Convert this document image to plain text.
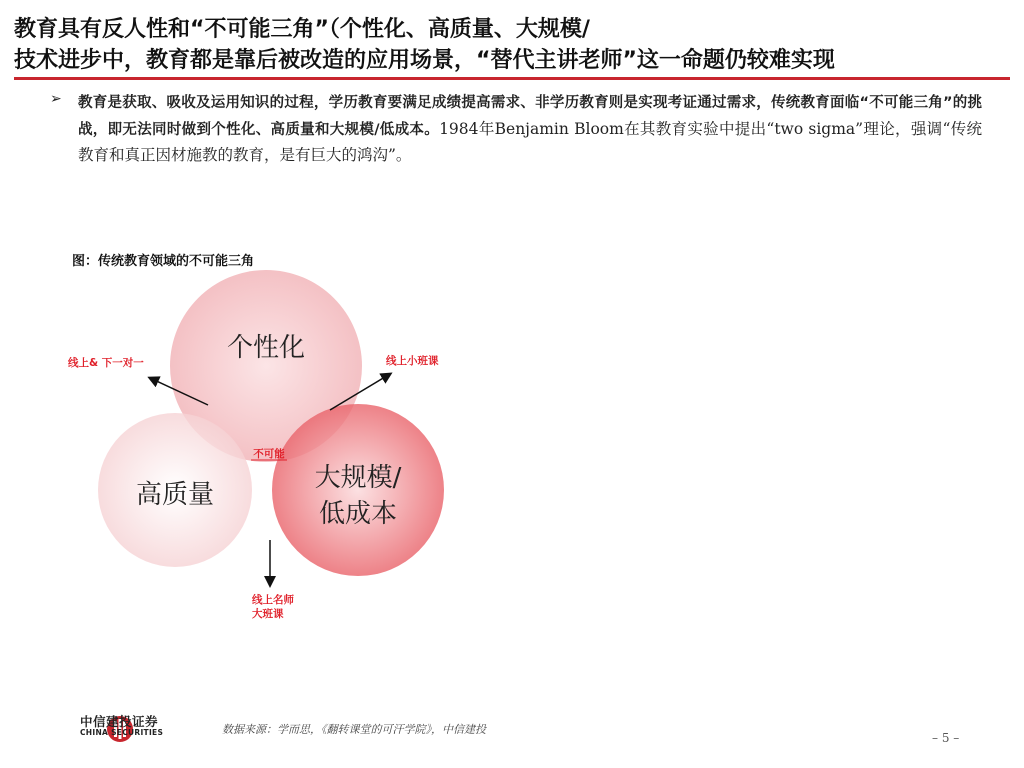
教育具有反人性和“不可能三角”（个性化、高质量、大规模/
技术进步中，教育都是靠后被改造的应用场景，“替代主讲老师”这一命题仍较难实现
➢ 教育是获取、吸收及运用知识的过程，学历教育要满足成绩提高需求、非学历教育则是实现考证通过需求，传统教育面临“不可能三角”的挑战，即无法同时做到个性化、高质量和大规模/低成本。1984年Benjamin Bloom在其教育实验中提出“two sigma”理论，强调“传统教育和真正因材施教的教育，是有巨大的鸿沟”。
图：传统教育领域的不可能三角
个性化
高质量
大规模/
低成本
不可能
线上& 下一对一	线上小班课
线上名师
大班课
中信建投证券
CHINA SECURITIES	数据来源：学而思，《翻转课堂的可汗学院》，中信建投
– 5 –
